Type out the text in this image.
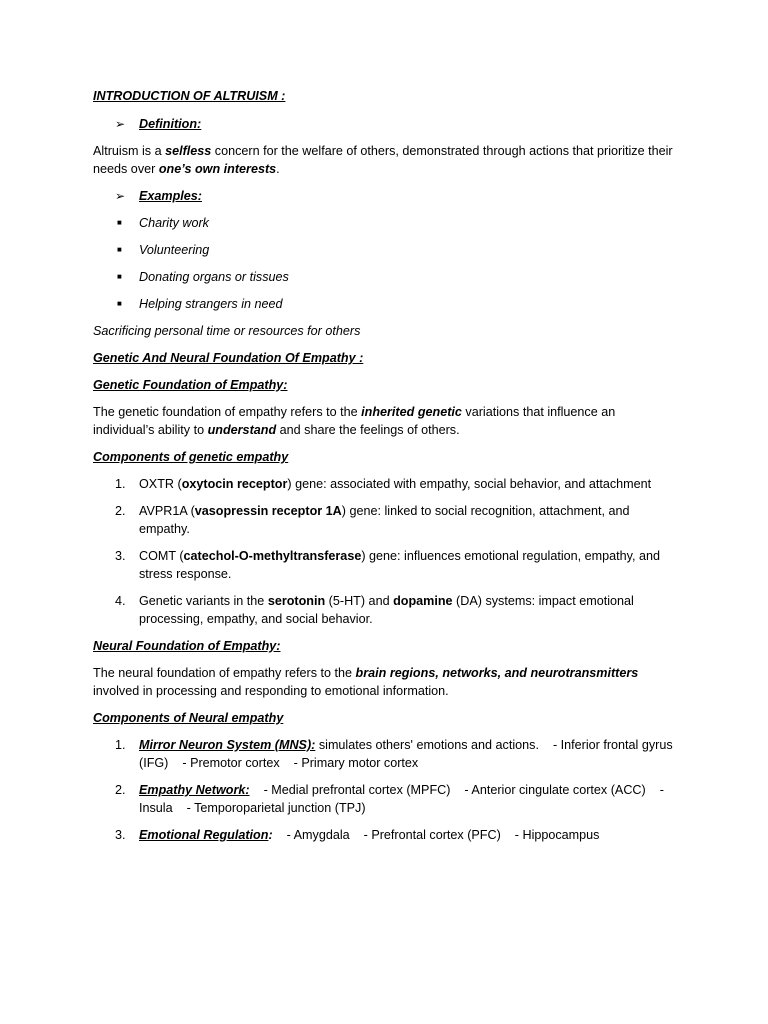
INTRODUCTION OF ALTRUISM :

➢	Definition:

Altruism is a selfless concern for the welfare of others, demonstrated through actions that prioritize their needs over one’s own interests.

➢	Examples:
■	Charity work
■	Volunteering
■	Donating organs or tissues
■	Helping strangers in need

Sacrificing personal time or resources for others

Genetic And Neural Foundation Of Empathy :

Genetic Foundation of Empathy:

The genetic foundation of empathy refers to the inherited genetic variations that influence an individual’s ability to understand and share the feelings of others.

Components of genetic empathy

1.	OXTR (oxytocin receptor) gene: associated with empathy, social behavior, and attachment
2.	AVPR1A (vasopressin receptor 1A) gene: linked to social recognition, attachment, and empathy.
3.	COMT (catechol-O-methyltransferase) gene: influences emotional regulation, empathy, and stress response.
4.	Genetic variants in the serotonin (5-HT) and dopamine (DA) systems: impact emotional processing, empathy, and social behavior.

Neural Foundation of Empathy:

The neural foundation of empathy refers to the brain regions, networks, and neurotransmitters involved in processing and responding to emotional information.

Components of Neural empathy

1.	Mirror Neuron System (MNS): simulates others' emotions and actions.    - Inferior frontal gyrus (IFG)    - Premotor cortex    - Primary motor cortex
2.	Empathy Network:    - Medial prefrontal cortex (MPFC)    - Anterior cingulate cortex (ACC)    - Insula    - Temporoparietal junction (TPJ)
3.	Emotional Regulation:    - Amygdala    - Prefrontal cortex (PFC)    - Hippocampus
